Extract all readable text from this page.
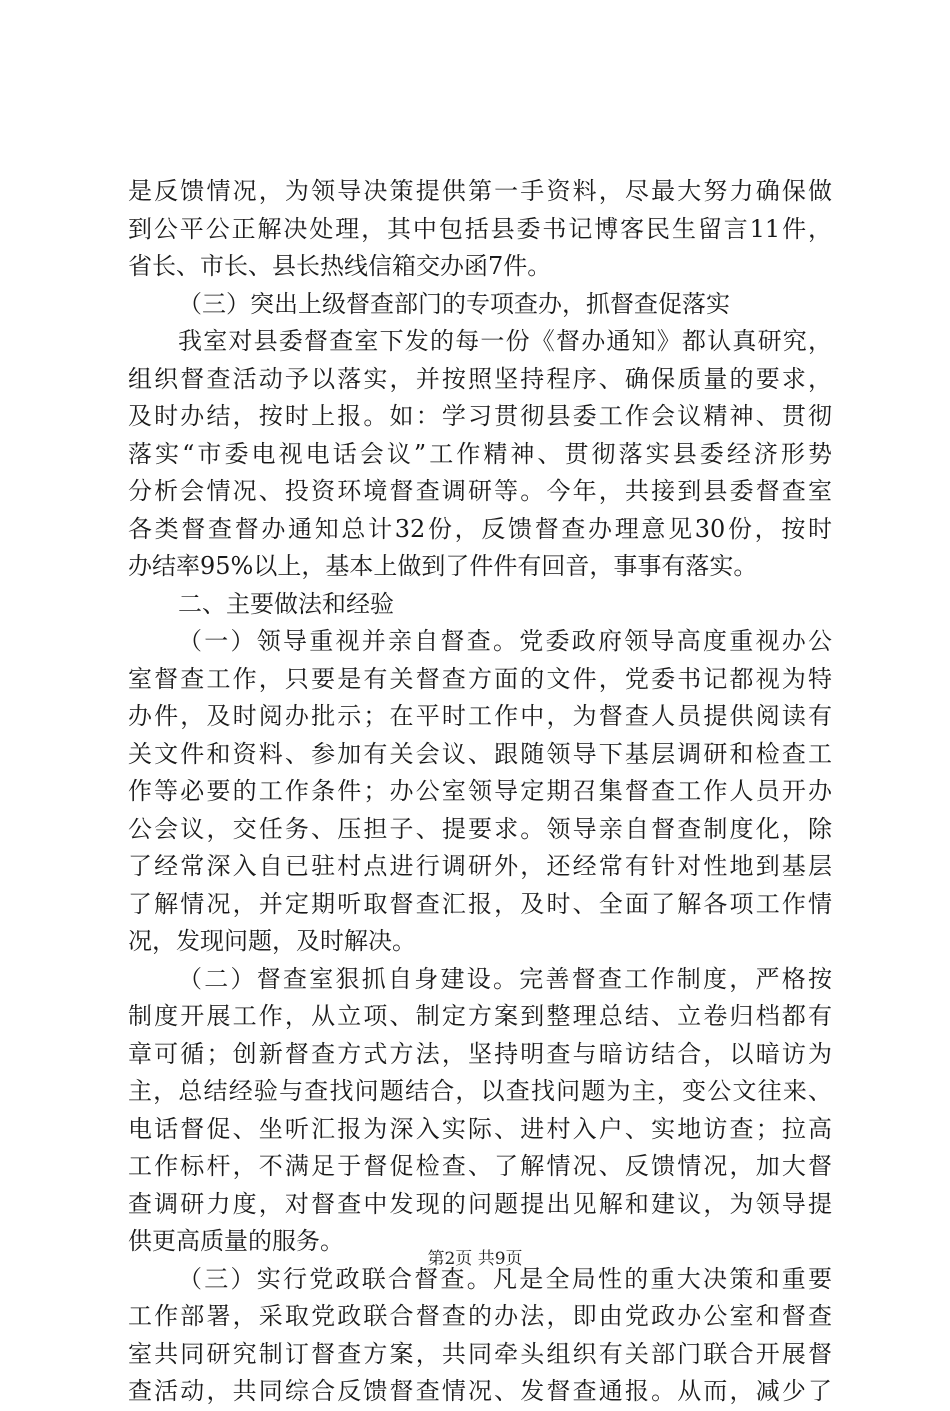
是反馈情况，为领导决策提供第一手资料，尽最大努力确保做
到公平公正解决处理，其中包括县委书记博客民生留言11件，
省长、市长、县长热线信箱交办函7件。
（三）突出上级督查部门的专项查办，抓督查促落实
我室对县委督查室下发的每一份《督办通知》都认真研究，
组织督查活动予以落实，并按照坚持程序、确保质量的要求，
及时办结，按时上报。如：学习贯彻县委工作会议精神、贯彻
落实“市委电视电话会议”工作精神、贯彻落实县委经济形势
分析会情况、投资环境督查调研等。今年，共接到县委督查室
各类督查督办通知总计32份，反馈督查办理意见30份，按时
办结率95%以上，基本上做到了件件有回音，事事有落实。
二、主要做法和经验
（一）领导重视并亲自督查。党委政府领导高度重视办公
室督查工作，只要是有关督查方面的文件，党委书记都视为特
办件，及时阅办批示；在平时工作中，为督查人员提供阅读有
关文件和资料、参加有关会议、跟随领导下基层调研和检查工
作等必要的工作条件；办公室领导定期召集督查工作人员开办
公会议，交任务、压担子、提要求。领导亲自督查制度化，除
了经常深入自已驻村点进行调研外，还经常有针对性地到基层
了解情况，并定期听取督查汇报，及时、全面了解各项工作情
况，发现问题，及时解决。
（二）督查室狠抓自身建设。完善督查工作制度，严格按
制度开展工作，从立项、制定方案到整理总结、立卷归档都有
章可循；创新督查方式方法，坚持明查与暗访结合，以暗访为
主，总结经验与查找问题结合，以查找问题为主，变公文往来、
电话督促、坐听汇报为深入实际、进村入户、实地访查；拉高
工作标杆，不满足于督促检查、了解情况、反馈情况，加大督
查调研力度，对督查中发现的问题提出见解和建议，为领导提
供更高质量的服务。
（三）实行党政联合督查。凡是全局性的重大决策和重要
工作部署，采取党政联合督查的办法，即由党政办公室和督查
室共同研究制订督查方案，共同牵头组织有关部门联合开展督
查活动，共同综合反馈督查情况、发督查通报。从而，减少了
第2页 共9页
